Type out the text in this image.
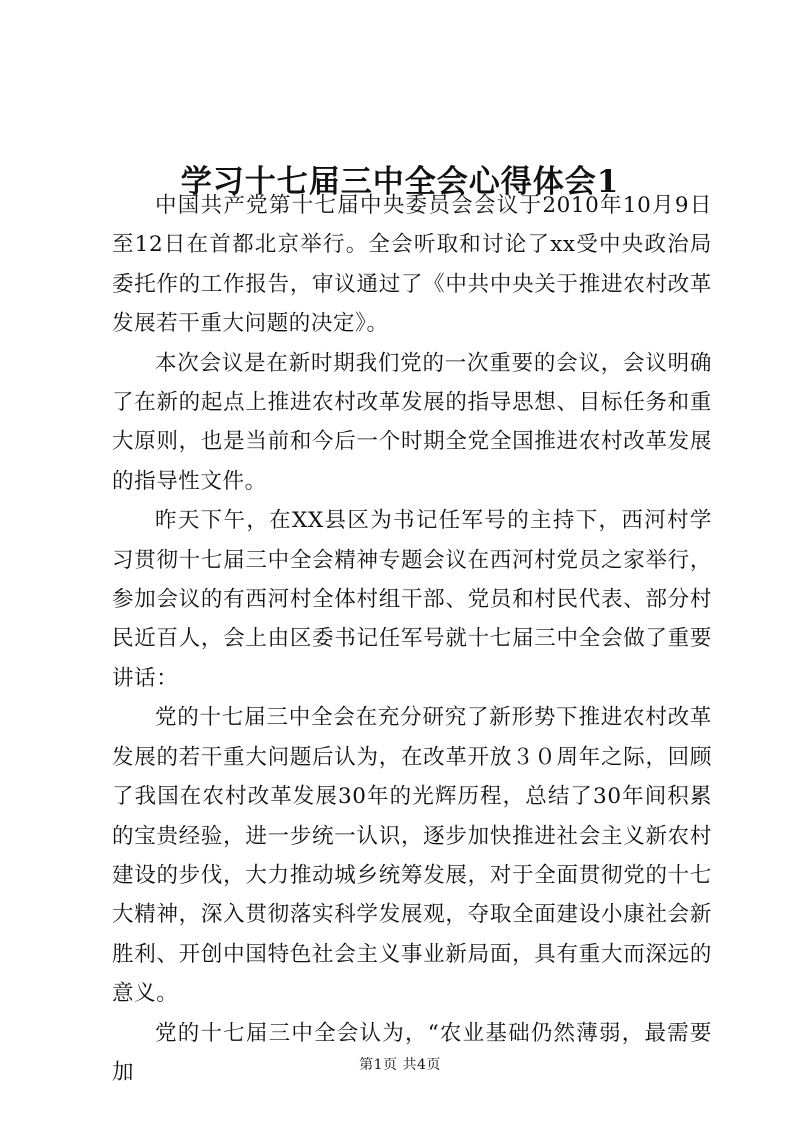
学习十七届三中全会心得体会1

中国共产党第十七届中央委员会会议于2010年10月9日至12日在首都北京举行。全会听取和讨论了xx受中央政治局委托作的工作报告，审议通过了《中共中央关于推进农村改革发展若干重大问题的决定》。

本次会议是在新时期我们党的一次重要的会议，会议明确了在新的起点上推进农村改革发展的指导思想、目标任务和重大原则，也是当前和今后一个时期全党全国推进农村改革发展的指导性文件。

昨天下午，在XX县区为书记任军号的主持下，西河村学习贯彻十七届三中全会精神专题会议在西河村党员之家举行，参加会议的有西河村全体村组干部、党员和村民代表、部分村民近百人，会上由区委书记任军号就十七届三中全会做了重要讲话：

党的十七届三中全会在充分研究了新形势下推进农村改革发展的若干重大问题后认为，在改革开放３０周年之际，回顾了我国在农村改革发展30年的光辉历程，总结了30年间积累的宝贵经验，进一步统一认识，逐步加快推进社会主义新农村建设的步伐，大力推动城乡统筹发展，对于全面贯彻党的十七大精神，深入贯彻落实科学发展观，夺取全面建设小康社会新胜利、开创中国特色社会主义事业新局面，具有重大而深远的意义。

党的十七届三中全会认为，“农业基础仍然薄弱，最需要加	第1页 共4页
